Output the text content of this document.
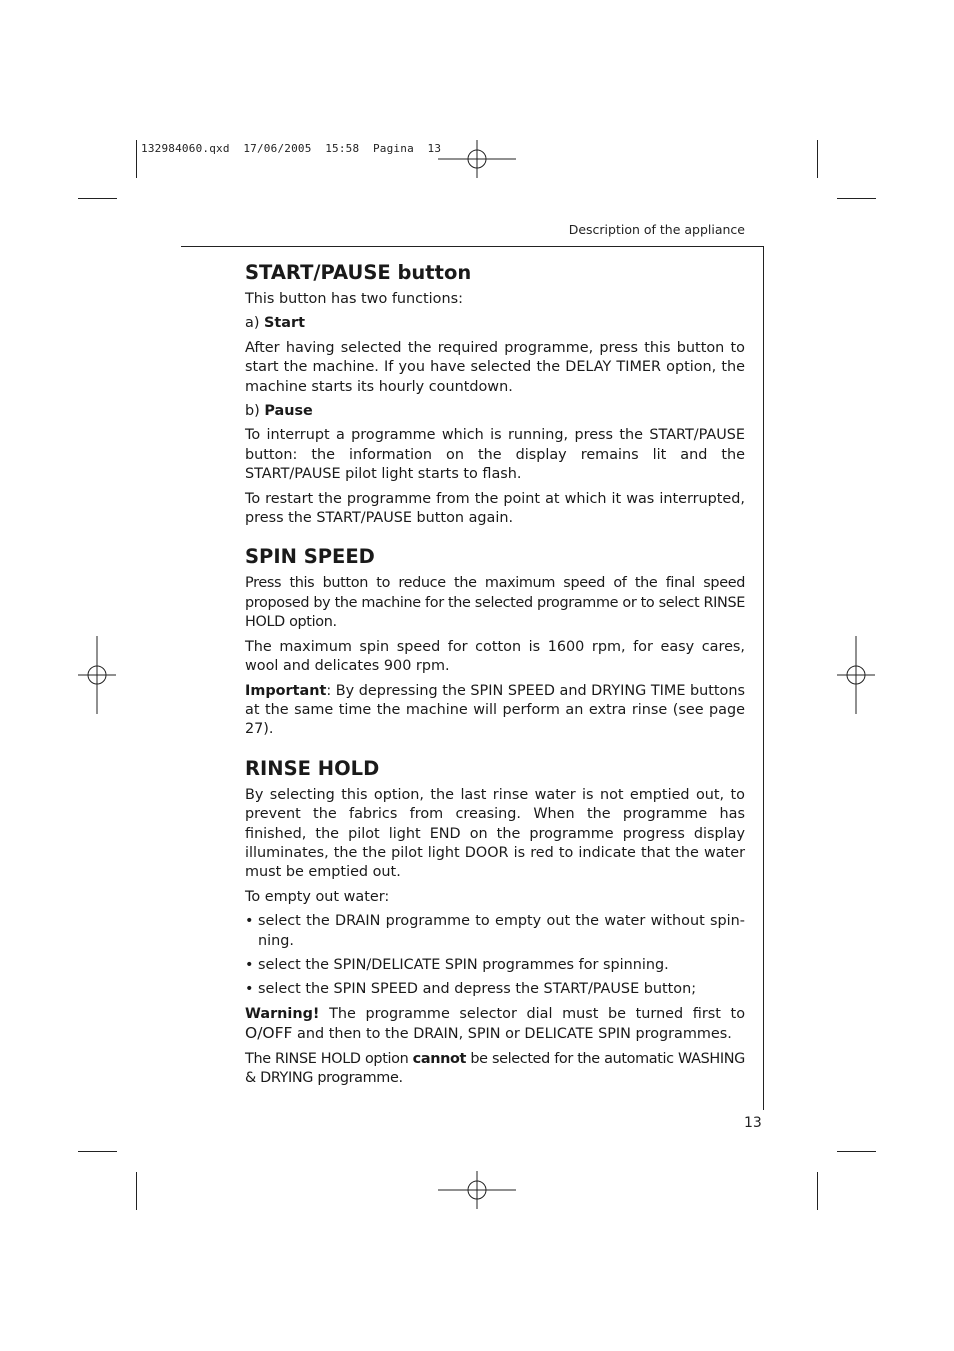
132984060.qxd  17/06/2005  15:58  Pagina  13
Description of the appliance
START/PAUSE button

This button has two functions:

a) Start

After having selected the required programme, press this button to start the machine. If you have selected the DELAY TIMER option, the machine starts its hourly countdown.

b) Pause

To interrupt a programme which is running, press the START/PAUSE button: the information on the display remains lit and the START/PAUSE pilot light starts to flash.

To restart the programme from the point at which it was interrupted, press the START/PAUSE button again.

SPIN SPEED

Press this button to reduce the maximum speed of the final speed proposed by the machine for the selected programme or to select RINSE HOLD option.

The maximum spin speed for cotton is 1600 rpm, for easy cares, wool and delicates 900 rpm.

Important: By depressing the SPIN SPEED and DRYING TIME buttons at the same time the machine will perform an extra rinse (see page 27).

RINSE HOLD

By selecting this option, the last rinse water is not emptied out, to prevent the fabrics from creasing. When the programme has finished, the pilot light END on the programme progress display illuminates, the the pilot light DOOR is red to indicate that the water must be emptied out.

To empty out water:

• select the DRAIN programme to empty out the water without spin-ning.
• select the SPIN/DELICATE SPIN programmes for spinning.
• select the SPIN SPEED and depress the START/PAUSE button;

Warning! The programme selector dial must be turned first to O/OFF and then to the DRAIN, SPIN or DELICATE SPIN programmes.

The RINSE HOLD option cannot be selected for the automatic WASHING & DRYING programme.

13
